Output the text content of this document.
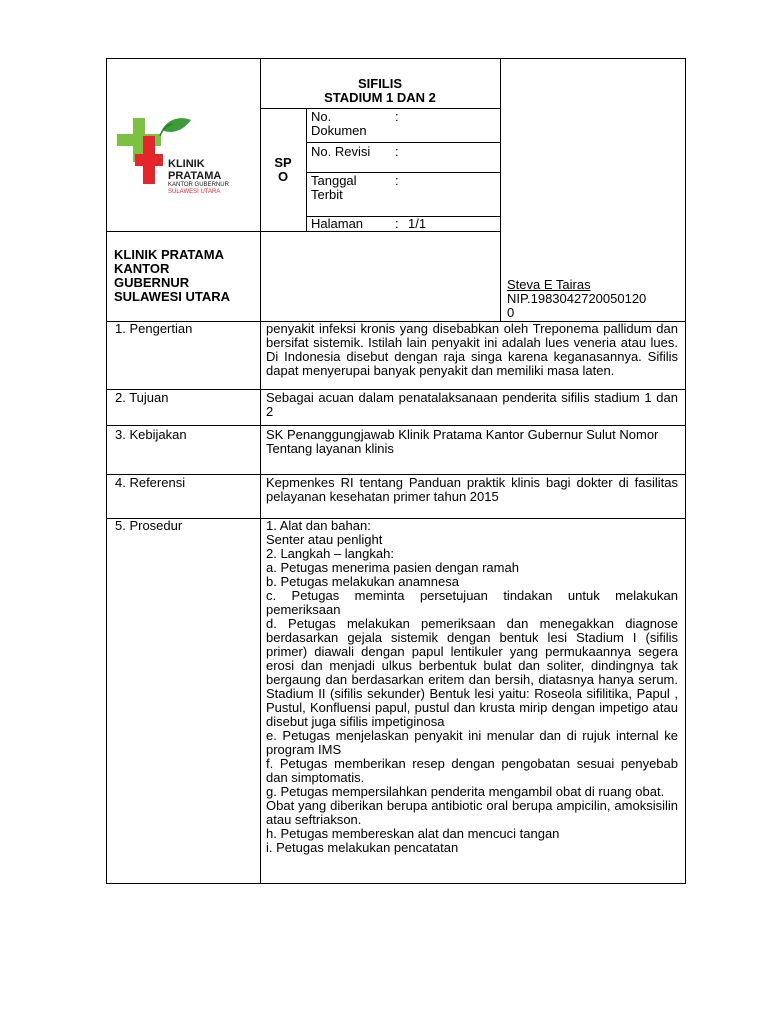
KLINIK
PRATAMA
KANTOR GUBERNUR
SULAWESI UTARA
SIFILIS
STADIUM 1 DAN 2
SP
O
No.
Dokumen
:
No. Revisi :
Tanggal
Terbit
:
Halaman : 1/1
KLINIK PRATAMA
KANTOR
GUBERNUR
SULAWESI UTARA
Steva E Tairas
NIP.1983042720050120
0
1. Pengertian
2. Tujuan
3. Kebijakan
4. Referensi
5. Prosedur
penyakit infeksi kronis yang disebabkan oleh Treponema pallidum dan bersifat sistemik. Istilah lain penyakit ini adalah lues veneria atau lues. Di Indonesia disebut dengan raja singa karena keganasannya. Sifilis dapat menyerupai banyak penyakit dan memiliki masa laten.
Sebagai acuan dalam penatalaksanaan penderita sifilis stadium 1 dan 2
SK Penanggungjawab Klinik Pratama Kantor Gubernur Sulut Nomor
Tentang layanan klinis
Kepmenkes RI tentang Panduan praktik klinis bagi dokter di fasilitas pelayanan kesehatan primer tahun 2015
1. Alat dan bahan:
Senter atau penlight
2. Langkah – langkah:
a. Petugas menerima pasien dengan ramah
b. Petugas melakukan anamnesa
c. Petugas meminta persetujuan tindakan untuk melakukan pemeriksaan
d. Petugas melakukan pemeriksaan dan menegakkan diagnose berdasarkan gejala sistemik dengan bentuk lesi Stadium I (sifilis primer) diawali dengan papul lentikuler yang permukaannya segera erosi dan menjadi ulkus berbentuk bulat dan soliter, dindingnya tak bergaung dan berdasarkan eritem dan bersih, diatasnya hanya serum. Stadium II (sifilis sekunder) Bentuk lesi yaitu: Roseola sifilitika, Papul , Pustul, Konfluensi papul, pustul dan krusta mirip dengan impetigo atau disebut juga sifilis impetiginosa
e. Petugas menjelaskan penyakit ini menular dan di rujuk internal ke program IMS
f. Petugas memberikan resep dengan pengobatan sesuai penyebab dan simptomatis.
g. Petugas mempersilahkan penderita mengambil obat di ruang obat.
Obat yang diberikan berupa antibiotic oral berupa ampicilin, amoksisilin atau seftriakson.
h. Petugas membereskan alat dan mencuci tangan
i. Petugas melakukan pencatatan
